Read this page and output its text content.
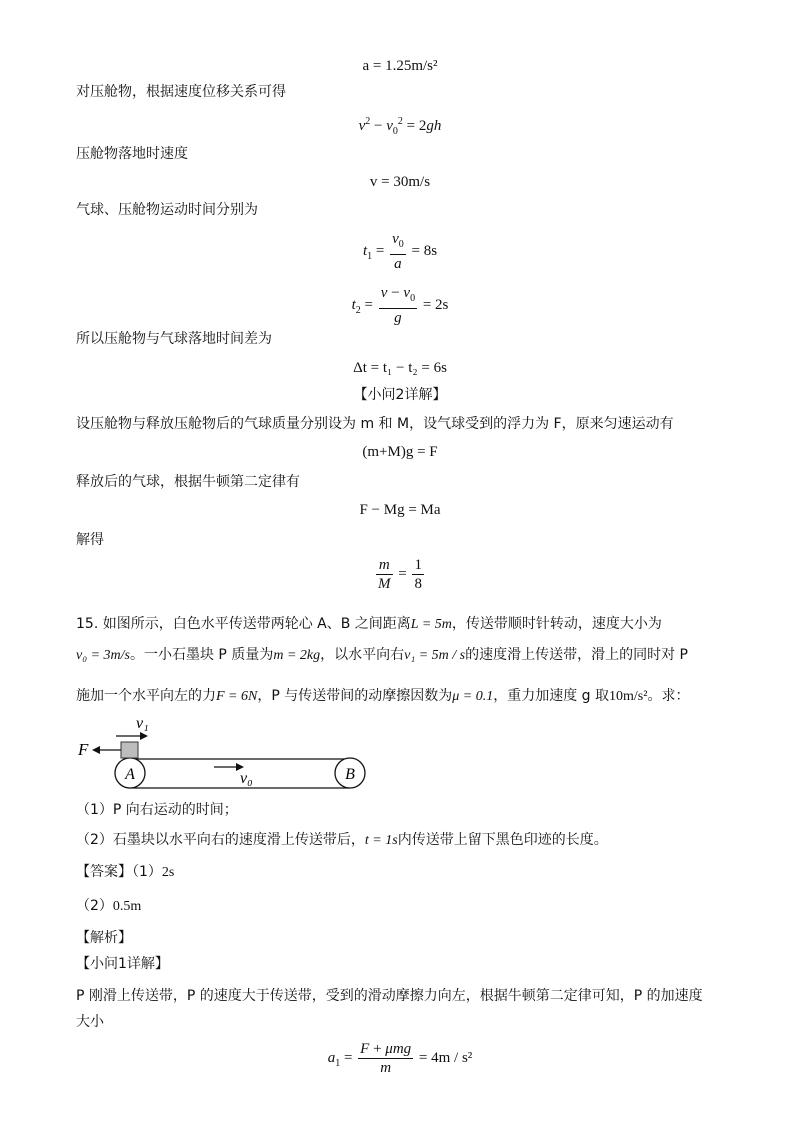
a = 1.25m/s²
对压舱物，根据速度位移关系可得
$v^2 - v_0^2 = 2gh$
压舱物落地时速度
v = 30m/s
气球、压舱物运动时间分别为
$t_1 = \frac{v_0}{a} = 8s$
$t_2 = \frac{v - v_0}{g} = 2s$
所以压舱物与气球落地时间差为
Δt = t₁ − t₂ = 6s
【小问2详解】
设压舱物与释放压舱物后的气球质量分别设为 m 和 M，设气球受到的浮力为 F，原来匀速运动有
(m+M)g = F
释放后的气球，根据牛顿第二定律有
F − Mg = Ma
解得
$\frac{m}{M} = \frac{1}{8}$
15. 如图所示，白色水平传送带两轮心 A、B 之间距离L = 5m，传送带顺时针转动，速度大小为
v₀ = 3m/s。一小石墨块 P 质量为m = 2kg，以水平向右v₁ = 5m / s的速度滑上传送带，滑上的同时对 P
施加一个水平向左的力F = 6N，P 与传送带间的动摩擦因数为μ = 0.1，重力加速度 g 取10m/s²。求：
A	B
F
v₁
v₀
（1）P 向右运动的时间；
（2）石墨块以水平向右的速度滑上传送带后，t = 1s内传送带上留下黑色印迹的长度。
【答案】（1）2s
（2）0.5m
【解析】
【小问1详解】
P 刚滑上传送带，P 的速度大于传送带，受到的滑动摩擦力向左，根据牛顿第二定律可知，P 的加速度
大小
$a_1 = \frac{\text{F + μmg}}{m} = 4m / s^2$
